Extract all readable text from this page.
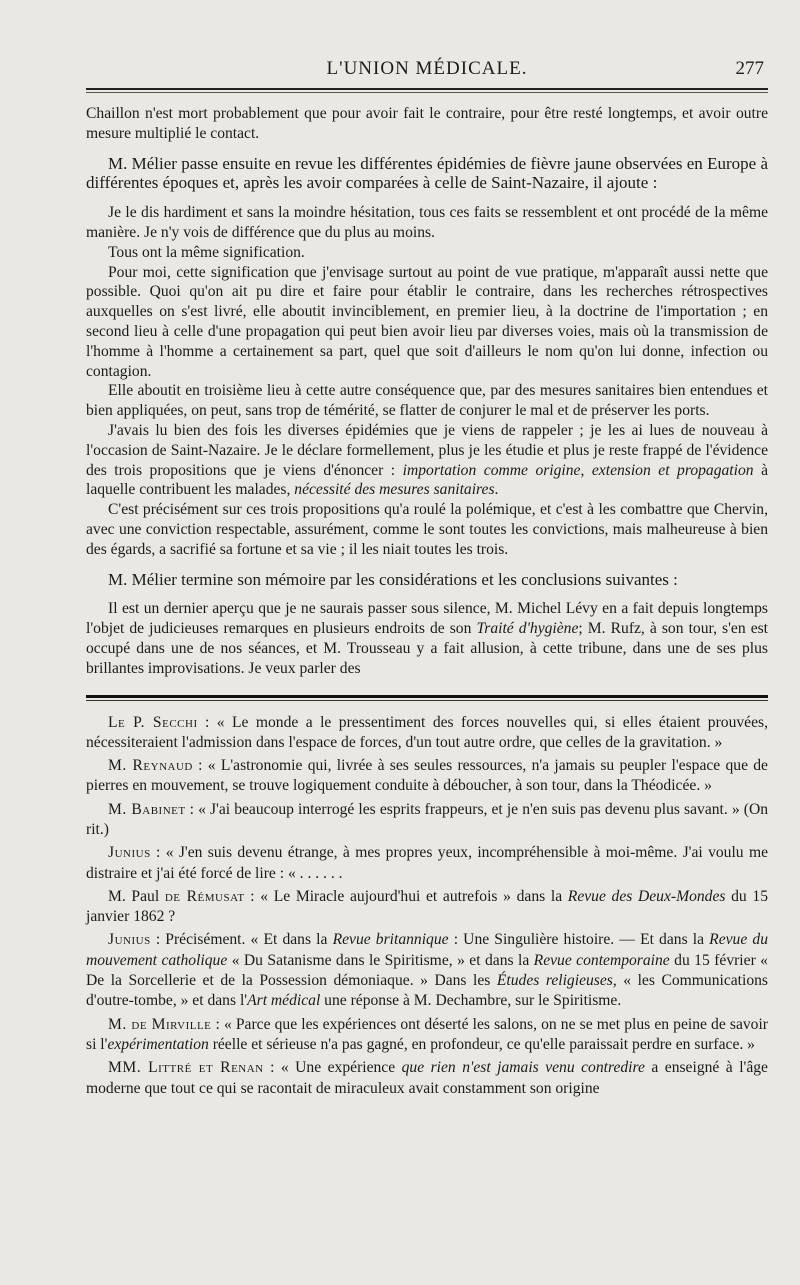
L'UNION MÉDICALE.	277

Chaillon n'est mort probablement que pour avoir fait le contraire, pour être resté longtemps, et avoir outre mesure multiplié le contact.

M. Mélier passe ensuite en revue les différentes épidémies de fièvre jaune observées en Europe à différentes époques et, après les avoir comparées à celle de Saint-Nazaire, il ajoute :

Je le dis hardiment et sans la moindre hésitation, tous ces faits se ressemblent et ont procédé de la même manière. Je n'y vois de différence que du plus au moins.

Tous ont la même signification.

Pour moi, cette signification que j'envisage surtout au point de vue pratique, m'apparaît aussi nette que possible. Quoi qu'on ait pu dire et faire pour établir le contraire, dans les recherches rétrospectives auxquelles on s'est livré, elle aboutit invinciblement, en premier lieu, à la doctrine de l'importation ; en second lieu à celle d'une propagation qui peut bien avoir lieu par diverses voies, mais où la transmission de l'homme à l'homme a certainement sa part, quel que soit d'ailleurs le nom qu'on lui donne, infection ou contagion.

Elle aboutit en troisième lieu à cette autre conséquence que, par des mesures sanitaires bien entendues et bien appliquées, on peut, sans trop de témérité, se flatter de conjurer le mal et de préserver les ports.

J'avais lu bien des fois les diverses épidémies que je viens de rappeler ; je les ai lues de nouveau à l'occasion de Saint-Nazaire. Je le déclare formellement, plus je les étudie et plus je reste frappé de l'évidence des trois propositions que je viens d'énoncer : importation comme origine, extension et propagation à laquelle contribuent les malades, nécessité des mesures sanitaires.

C'est précisément sur ces trois propositions qu'a roulé la polémique, et c'est à les combattre que Chervin, avec une conviction respectable, assurément, comme le sont toutes les convictions, mais malheureuse à bien des égards, a sacrifié sa fortune et sa vie ; il les niait toutes les trois.

M. Mélier termine son mémoire par les considérations et les conclusions suivantes :

Il est un dernier aperçu que je ne saurais passer sous silence, M. Michel Lévy en a fait depuis longtemps l'objet de judicieuses remarques en plusieurs endroits de son Traité d'hygiène; M. Rufz, à son tour, s'en est occupé dans une de nos séances, et M. Trousseau y a fait allusion, à cette tribune, dans une de ses plus brillantes improvisations. Je veux parler des

Le P. Secchi : « Le monde a le pressentiment des forces nouvelles qui, si elles étaient prouvées, nécessiteraient l'admission dans l'espace de forces, d'un tout autre ordre, que celles de la gravitation. »

M. Reynaud : « L'astronomie qui, livrée à ses seules ressources, n'a jamais su peupler l'espace que de pierres en mouvement, se trouve logiquement conduite à déboucher, à son tour, dans la Théodicée. »

M. Babinet : « J'ai beaucoup interrogé les esprits frappeurs, et je n'en suis pas devenu plus savant. » (On rit.)

Junius : « J'en suis devenu étrange, à mes propres yeux, incompréhensible à moi-même. J'ai voulu me distraire et j'ai été forcé de lire : « . . . . . .

M. Paul de Rémusat : « Le Miracle aujourd'hui et autrefois » dans la Revue des Deux-Mondes du 15 janvier 1862 ?

Junius : Précisément. « Et dans la Revue britannique : Une Singulière histoire. — Et dans la Revue du mouvement catholique « Du Satanisme dans le Spiritisme, » et dans la Revue contemporaine du 15 février « De la Sorcellerie et de la Possession démoniaque. » Dans les Études religieuses, « les Communications d'outre-tombe, » et dans l'Art médical une réponse à M. Dechambre, sur le Spiritisme.

M. de Mirville : « Parce que les expériences ont déserté les salons, on ne se met plus en peine de savoir si l'expérimentation réelle et sérieuse n'a pas gagné, en profondeur, ce qu'elle paraissait perdre en surface. »

MM. Littré et Renan : « Une expérience que rien n'est jamais venu contredire a enseigné à l'âge moderne que tout ce qui se racontait de miraculeux avait constamment son origine
